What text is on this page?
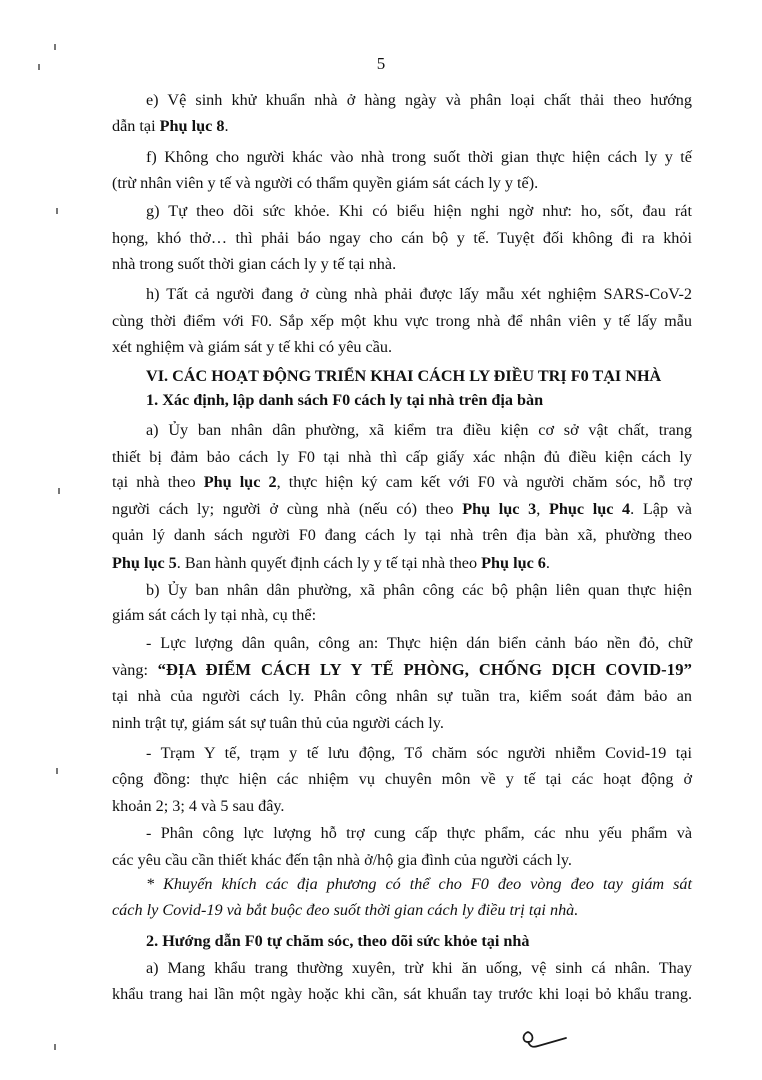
5
e) Vệ sinh khử khuẩn nhà ở hàng ngày và phân loại chất thải theo hướng
dẫn tại Phụ lục 8.
f) Không cho người khác vào nhà trong suốt thời gian thực hiện cách ly y tế
(trừ nhân viên y tế và người có thẩm quyền giám sát cách ly y tế).
g) Tự theo dõi sức khỏe. Khi có biểu hiện nghi ngờ như: ho, sốt, đau rát
họng, khó thở… thì phải báo ngay cho cán bộ y tế. Tuyệt đối không đi ra khỏi
nhà trong suốt thời gian cách ly y tế tại nhà.
h) Tất cả người đang ở cùng nhà phải được lấy mẫu xét nghiệm SARS-CoV-2
cùng thời điểm với F0. Sắp xếp một khu vực trong nhà để nhân viên y tế lấy mẫu
xét nghiệm và giám sát y tế khi có yêu cầu.
VI. CÁC HOẠT ĐỘNG TRIỂN KHAI CÁCH LY ĐIỀU TRỊ F0 TẠI NHÀ
1. Xác định, lập danh sách F0 cách ly tại nhà trên địa bàn
a) Ủy ban nhân dân phường, xã kiểm tra điều kiện cơ sở vật chất, trang
thiết bị đảm bảo cách ly F0 tại nhà thì cấp giấy xác nhận đủ điều kiện cách ly
tại nhà theo Phụ lục 2, thực hiện ký cam kết với F0 và người chăm sóc, hỗ trợ
người cách ly; người ở cùng nhà (nếu có) theo Phụ lục 3, Phục lục 4. Lập và
quản lý danh sách người F0 đang cách ly tại nhà trên địa bàn xã, phường theo
Phụ lục 5. Ban hành quyết định cách ly y tế tại nhà theo Phụ lục 6.
b) Ủy ban nhân dân phường, xã phân công các bộ phận liên quan thực hiện
giám sát cách ly tại nhà, cụ thể:
- Lực lượng dân quân, công an: Thực hiện dán biển cảnh báo nền đỏ, chữ
vàng: “ĐỊA ĐIỂM CÁCH LY Y TẾ PHÒNG, CHỐNG DỊCH COVID-19”
tại nhà của người cách ly. Phân công nhân sự tuần tra, kiểm soát đảm bảo an
ninh trật tự, giám sát sự tuân thủ của người cách ly.
- Trạm Y tế, trạm y tế lưu động, Tổ chăm sóc người nhiễm Covid-19 tại
cộng đồng: thực hiện các nhiệm vụ chuyên môn về y tế tại các hoạt động ở
khoản 2; 3; 4 và 5 sau đây.
- Phân công lực lượng hỗ trợ cung cấp thực phẩm, các nhu yếu phẩm và
các yêu cầu cần thiết khác đến tận nhà ở/hộ gia đình của người cách ly.
* Khuyến khích các địa phương có thể cho F0 đeo vòng đeo tay giám sát
cách ly Covid-19 và bắt buộc đeo suốt thời gian cách ly điều trị tại nhà.
2. Hướng dẫn F0 tự chăm sóc, theo dõi sức khỏe tại nhà
a) Mang khẩu trang thường xuyên, trừ khi ăn uống, vệ sinh cá nhân. Thay
khẩu trang hai lần một ngày hoặc khi cần, sát khuẩn tay trước khi loại bỏ khẩu trang.
